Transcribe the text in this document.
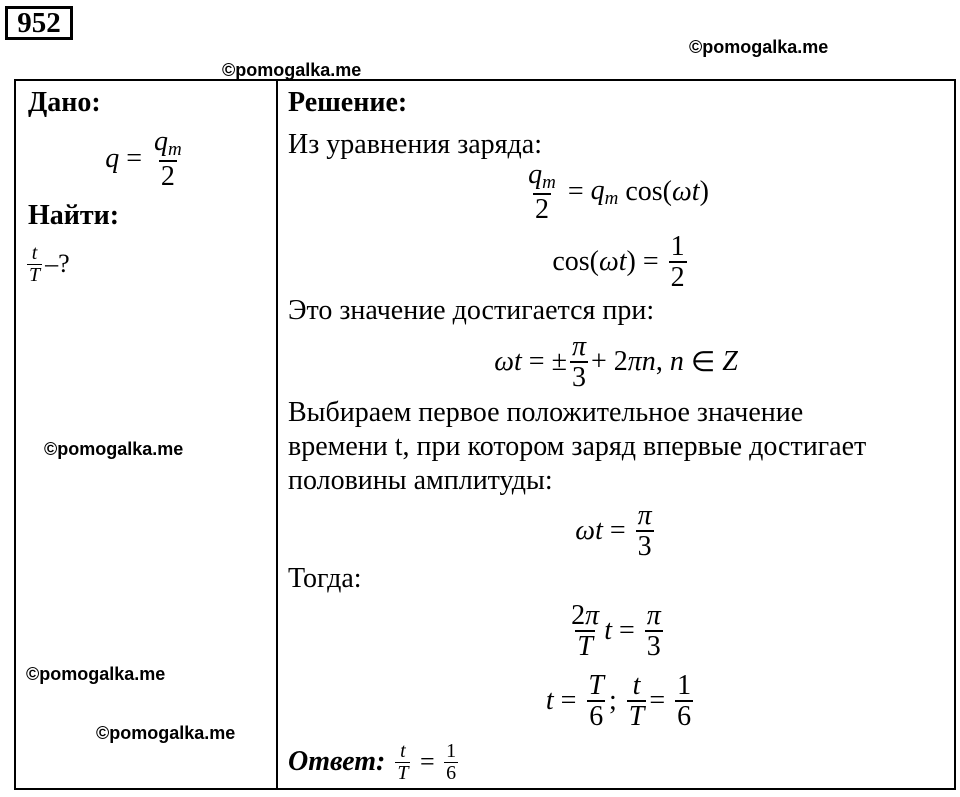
952
©pomogalka.me
©pomogalka.me
©pomogalka.me
©pomogalka.me
©pomogalka.me
Дано:
$q = \frac{q_m}{2}$
Найти:
$\frac{t}{T}$ –?
Решение:
Из уравнения заряда:
$\frac{q_m}{2} = q_m$ cos( ωt )
cos( ωt ) = $\frac{1}{2}$
Это значение достигается при:
ωt = ± $\frac{\pi}{3} + 2$ πn , n ∈ Z
Выбираем первое положительное значение
времени t, при котором заряд впервые достигает
половины амплитуды:
$\omega t = \frac{\pi}{3}$
Тогда:
$\frac{2\pi}{T}$ $t = \frac{\pi}{3}$
$t = \frac{T}{6}$ ; $\frac{t}{T} = \frac{1}{6}$
Ответ:
$\frac{t}{T} = \frac{1}{6}$
